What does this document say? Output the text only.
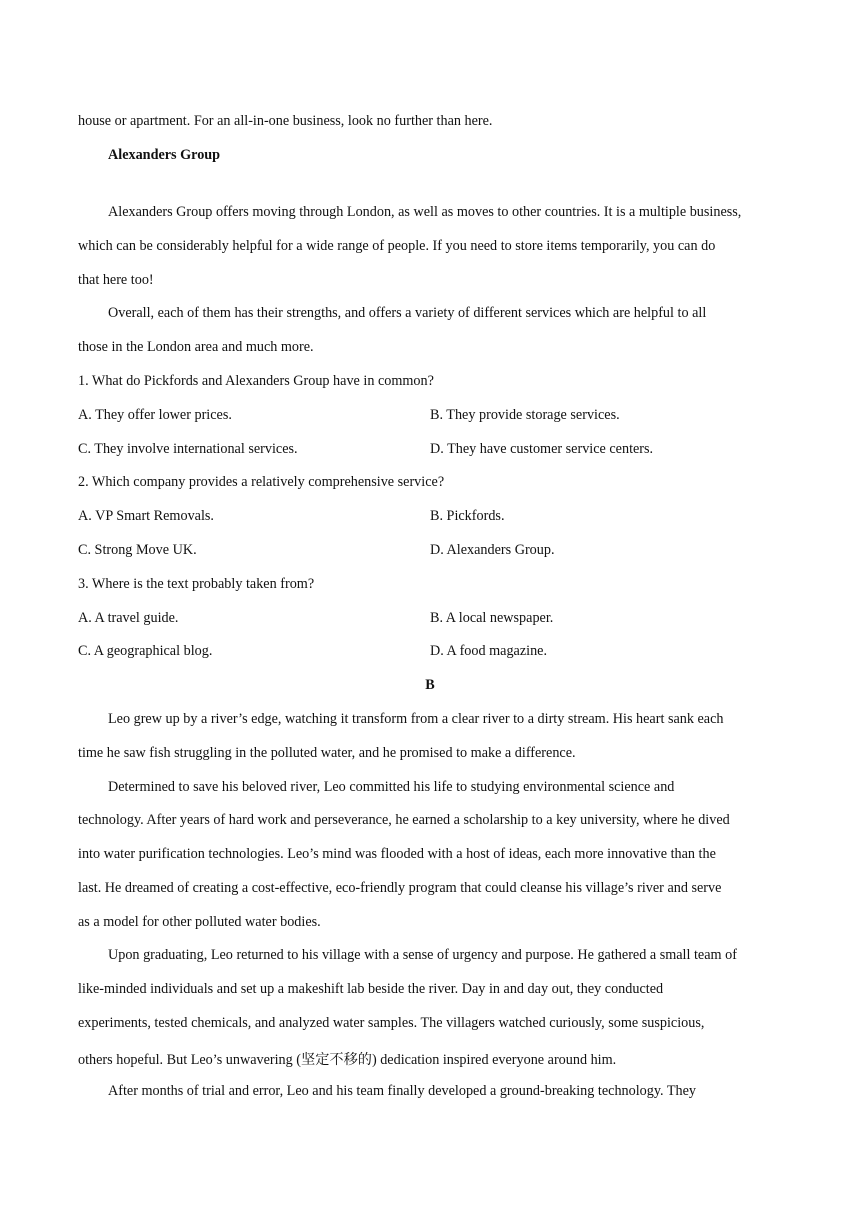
house or apartment. For an all-in-one business, look no further than here.
Alexanders Group
Alexanders Group offers moving through London, as well as moves to other countries. It is a multiple business,
which can be considerably helpful for a wide range of people. If you need to store items temporarily, you can do
that here too!
Overall, each of them has their strengths, and offers a variety of different services which are helpful to all
those in the London area and much more.
1. What do Pickfords and Alexanders Group have in common?
A. They offer lower prices.	B. They provide storage services.
C. They involve international services.	D. They have customer service centers.
2. Which company provides a relatively comprehensive service?
A. VP Smart Removals.	B. Pickfords.
C. Strong Move UK.	D. Alexanders Group.
3. Where is the text probably taken from?
A. A travel guide.	B. A local newspaper.
C. A geographical blog.	D. A food magazine.
B
Leo grew up by a river’s edge, watching it transform from a clear river to a dirty stream. His heart sank each
time he saw fish struggling in the polluted water, and he promised to make a difference.
Determined to save his beloved river, Leo committed his life to studying environmental science and
technology. After years of hard work and perseverance, he earned a scholarship to a key university, where he dived
into water purification technologies. Leo’s mind was flooded with a host of ideas, each more innovative than the
last. He dreamed of creating a cost-effective, eco-friendly program that could cleanse his village’s river and serve
as a model for other polluted water bodies.
Upon graduating, Leo returned to his village with a sense of urgency and purpose. He gathered a small team of
like-minded individuals and set up a makeshift lab beside the river. Day in and day out, they conducted
experiments, tested chemicals, and analyzed water samples. The villagers watched curiously, some suspicious,
others hopeful. But Leo’s unwavering (坚定不移的) dedication inspired everyone around him.
After months of trial and error, Leo and his team finally developed a ground-breaking technology. They
